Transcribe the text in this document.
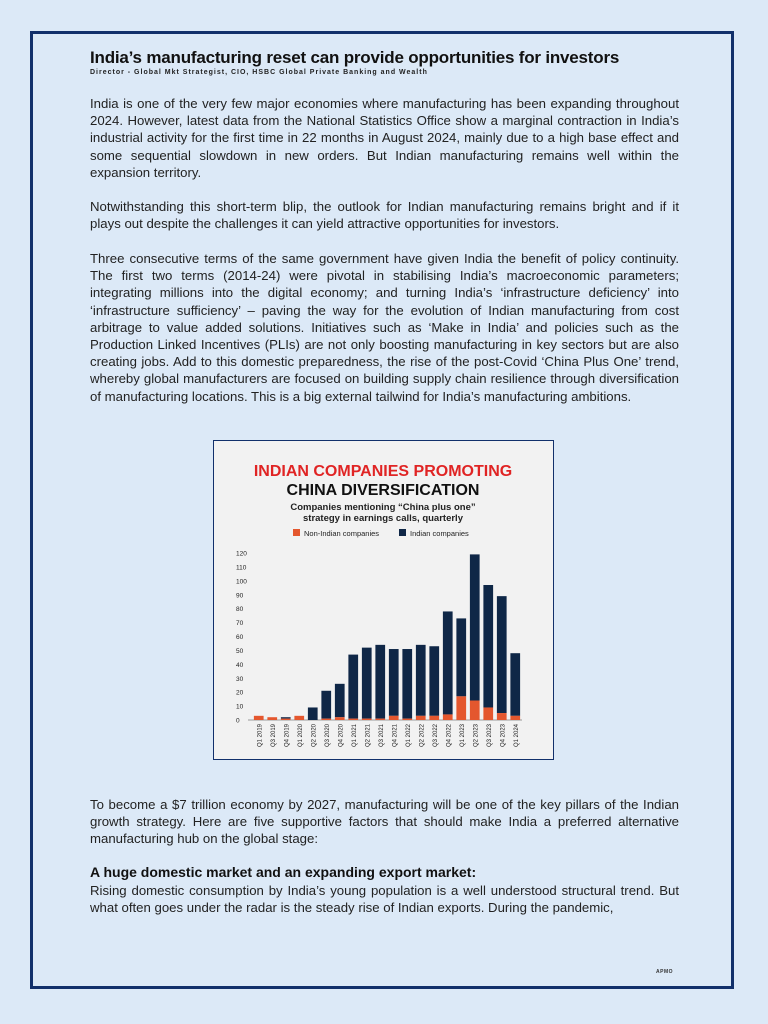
India’s manufacturing reset can provide opportunities for investors
Director - Global Mkt Strategist, CIO, HSBC Global Private Banking and Wealth

India is one of the very few major economies where manufacturing has been expanding throughout 2024. However, latest data from the National Statistics Office show a marginal contraction in India’s industrial activity for the first time in 22 months in August 2024, mainly due to a high base effect and some sequential slowdown in new orders. But Indian manufacturing remains well within the expansion territory.

Notwithstanding this short-term blip, the outlook for Indian manufacturing remains bright and if it plays out despite the challenges it can yield attractive opportunities for investors.

Three consecutive terms of the same government have given India the benefit of policy continuity. The first two terms (2014-24) were pivotal in stabilising India’s macroeconomic parameters; integrating millions into the digital economy; and turning India’s ‘infrastructure deficiency’ into ‘infrastructure sufficiency’ – paving the way for the evolution of Indian manufacturing from cost arbitrage to value added solutions. Initiatives such as ‘Make in India’ and policies such as the Production Linked Incentives (PLIs) are not only boosting manufacturing in key sectors but are also creating jobs. Add to this domestic preparedness, the rise of the post-Covid ‘China Plus One’ trend, whereby global manufacturers are focused on building supply chain resilience through diversification of manufacturing locations. This is a big external tailwind for India’s manufacturing ambitions.

INDIAN COMPANIES PROMOTING
CHINA DIVERSIFICATION
Companies mentioning “China plus one”
strategy in earnings calls, quarterly
Non-Indian companies	Indian companies
0
10
20
30
40
50
60
70
80
90
100
110
120
Q1 2019 Q3 2019 Q4 2019 Q1 2020 Q2 2020 Q3 2020 Q4 2020 Q1 2021 Q2 2021 Q3 2021 Q4 2021 Q1 2022 Q2 2022 Q3 2022 Q4 2022 Q1 2023 Q2 2023 Q3 2023 Q4 2023 Q1 2024

To become a $7 trillion economy by 2027, manufacturing will be one of the key pillars of the Indian growth strategy. Here are five supportive factors that should make India a preferred alternative manufacturing hub on the global stage:

A huge domestic market and an expanding export market:

Rising domestic consumption by India’s young population is a well understood structural trend. But what often goes under the radar is the steady rise of Indian exports. During the pandemic,

APMO
